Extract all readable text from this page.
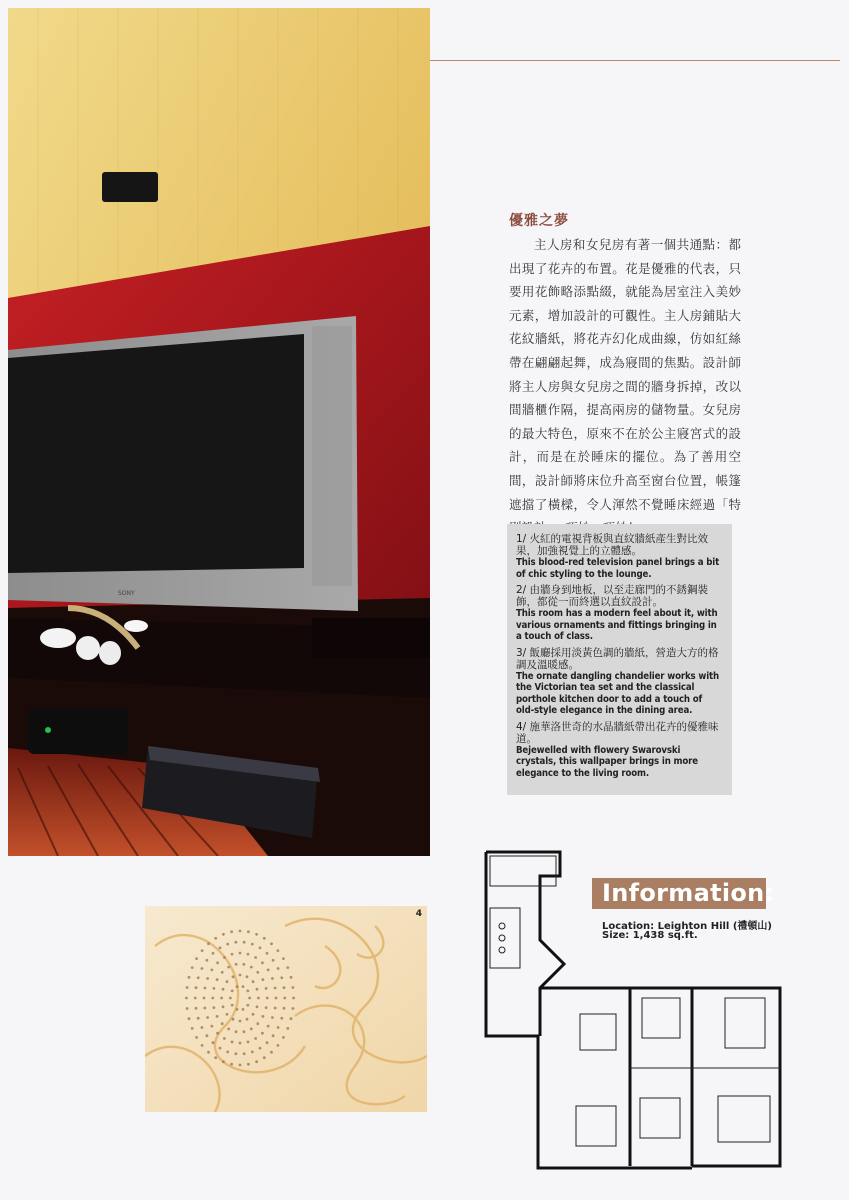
SONY
優雅之夢
主人房和女兒房有著一個共通點：都出現了花卉的布置。花是優雅的代表，只要用花飾略添點綴，就能為居室注入美妙元素，增加設計的可觀性。主人房鋪貼大花紋牆紙，將花卉幻化成曲線，仿如紅絲帶在翩翩起舞，成為寢間的焦點。設計師將主人房與女兒房之間的牆身拆掉，改以間牆櫃作隔，提高兩房的儲物量。女兒房的最大特色，原來不在於公主寢宮式的設計，而是在於睡床的擺位。為了善用空間，設計師將床位升高至窗台位置，帳篷遮擋了橫樑，令人渾然不覺睡床經過「特
1/ 火紅的電視背板與直紋牆紙產生對比效果，加強視覺上的立體感。
This blood-red television panel brings a bit of chic styling to the lounge.
2/ 由牆身到地板，以至走廊門的不銹鋼裝飾，都從一而終選以直紋設計。
This room has a modern feel about it, with various ornaments and fittings bringing in a touch of class.
3/ 飯廳採用淡黃色調的牆紙，營造大方的格調及溫暖感。
The ornate dangling chandelier works with the Victorian tea set and the classical porthole kitchen door to add a touch of old-style elegance in the dining area.
4/ 施華洛世奇的水晶牆紙帶出花卉的優雅味道。
Bejewelled with flowery Swarovski crystals, this wallpaper brings in more elegance to the living room.
4
Information:
Location: Leighton Hill (禮頓山)
Size: 1,438 sq.ft.
